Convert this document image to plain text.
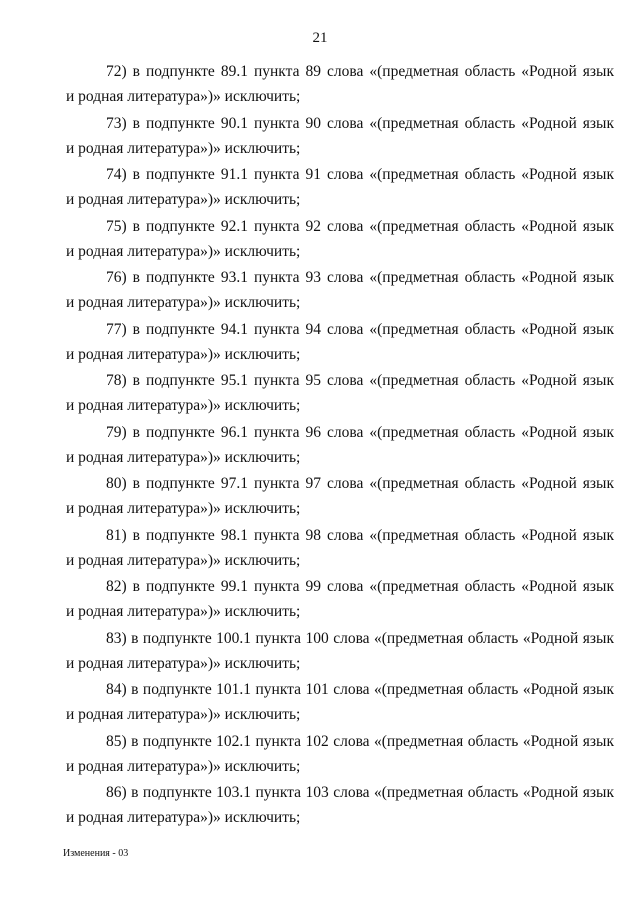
21
72) в подпункте 89.1 пункта 89 слова «(предметная область «Родной язык
и родная литература»)» исключить;
73) в подпункте 90.1 пункта 90 слова «(предметная область «Родной язык
и родная литература»)» исключить;
74) в подпункте 91.1 пункта 91 слова «(предметная область «Родной язык
и родная литература»)» исключить;
75) в подпункте 92.1 пункта 92 слова «(предметная область «Родной язык
и родная литература»)» исключить;
76) в подпункте 93.1 пункта 93 слова «(предметная область «Родной язык
и родная литература»)» исключить;
77) в подпункте 94.1 пункта 94 слова «(предметная область «Родной язык
и родная литература»)» исключить;
78) в подпункте 95.1 пункта 95 слова «(предметная область «Родной язык
и родная литература»)» исключить;
79) в подпункте 96.1 пункта 96 слова «(предметная область «Родной язык
и родная литература»)» исключить;
80) в подпункте 97.1 пункта 97 слова «(предметная область «Родной язык
и родная литература»)» исключить;
81) в подпункте 98.1 пункта 98 слова «(предметная область «Родной язык
и родная литература»)» исключить;
82) в подпункте 99.1 пункта 99 слова «(предметная область «Родной язык
и родная литература»)» исключить;
83) в подпункте 100.1 пункта 100 слова «(предметная область «Родной язык
и родная литература»)» исключить;
84) в подпункте 101.1 пункта 101 слова «(предметная область «Родной язык
и родная литература»)» исключить;
85) в подпункте 102.1 пункта 102 слова «(предметная область «Родной язык
и родная литература»)» исключить;
86) в подпункте 103.1 пункта 103 слова «(предметная область «Родной язык
и родная литература»)» исключить;
Изменения - 03
